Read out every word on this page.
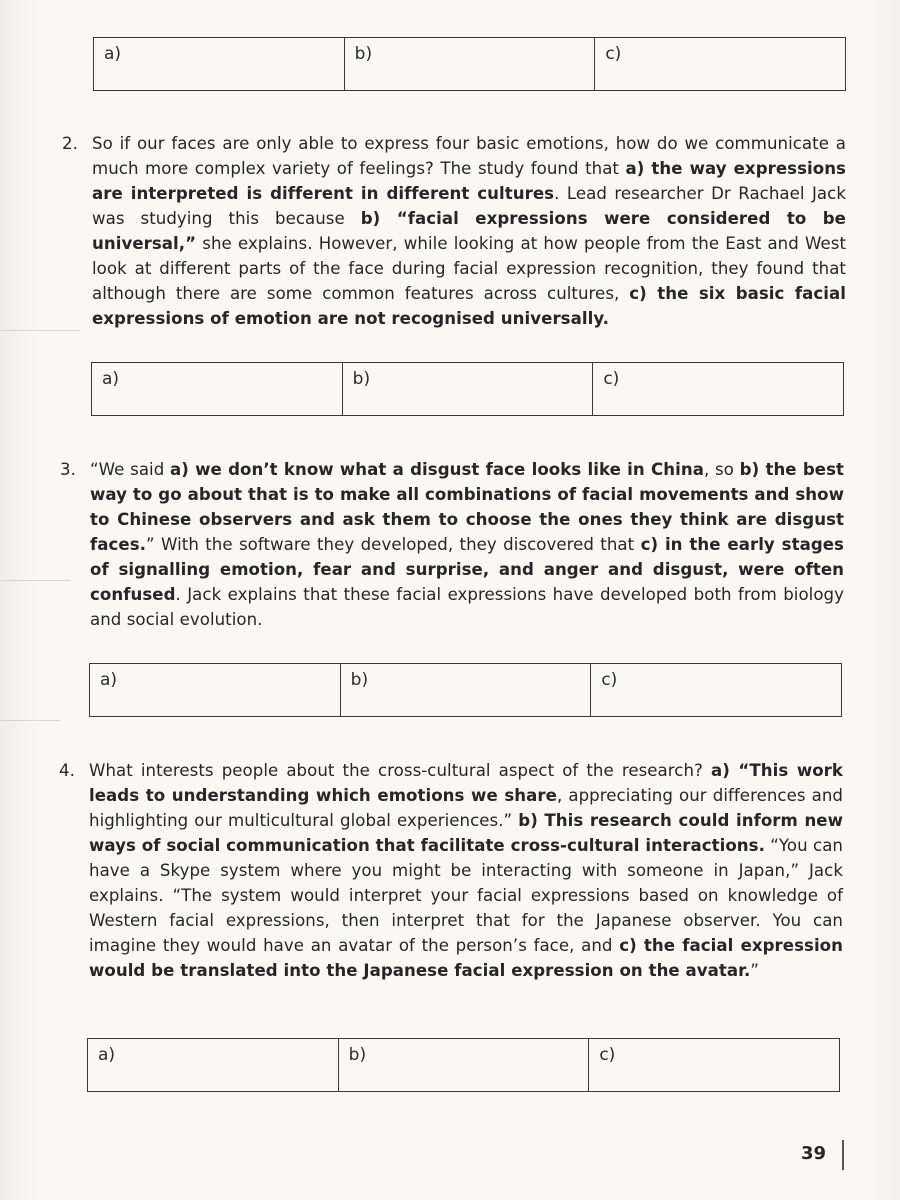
a)	b)	c)
2. So if our faces are only able to express four basic emotions, how do we communicate a much more complex variety of feelings? The study found that a) the way expressions are interpreted is different in different cultures. Lead researcher Dr Rachael Jack was studying this because b) “facial expressions were considered to be universal,” she explains. However, while looking at how people from the East and West look at different parts of the face during facial expression recognition, they found that although there are some common features across cultures, c) the six basic facial expressions of emotion are not recognised universally.

a)	b)	c)
3. “We said a) we don’t know what a disgust face looks like in China, so b) the best way to go about that is to make all combinations of facial movements and show to Chinese observers and ask them to choose the ones they think are disgust faces.” With the software they developed, they discovered that c) in the early stages of signalling emotion, fear and surprise, and anger and disgust, were often confused. Jack explains that these facial expressions have developed both from biology and social evolution.

a)	b)	c)
4. What interests people about the cross-cultural aspect of the research? a) “This work leads to understanding which emotions we share, appreciating our differences and highlighting our multicultural global experiences.” b) This research could inform new ways of social communication that facilitate cross-cultural interactions. “You can have a Skype system where you might be interacting with someone in Japan,” Jack explains. “The system would interpret your facial expressions based on knowledge of Western facial expressions, then interpret that for the Japanese observer. You can imagine they would have an avatar of the person’s face, and c) the facial expression would be translated into the Japanese facial expression on the avatar.”

a)	b)	c)
39
